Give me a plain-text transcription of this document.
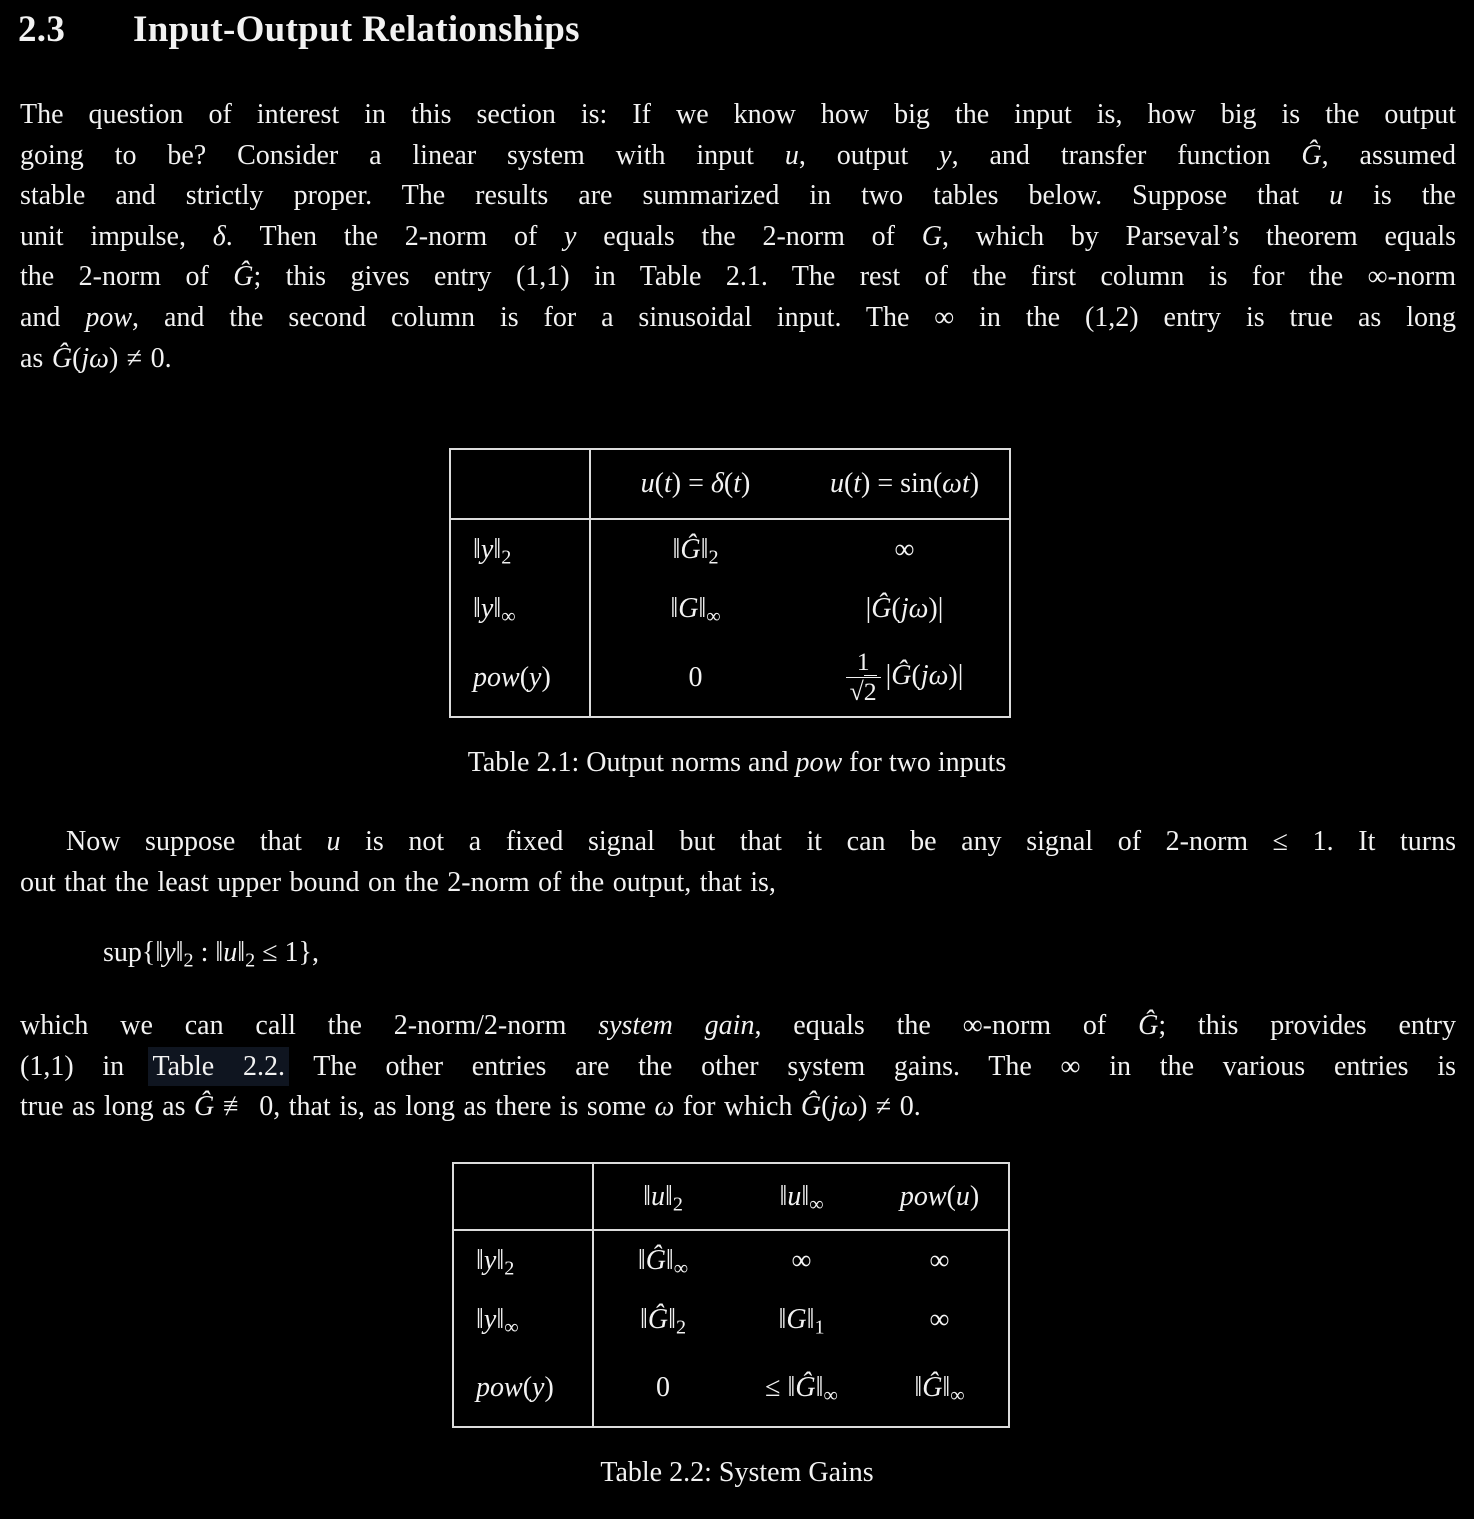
2.3	Input-Output Relationships
The question of interest in this section is: If we know how big the input is, how big is the output
going to be? Consider a linear system with input u, output y, and transfer function Ĝ, assumed
stable and strictly proper. The results are summarized in two tables below. Suppose that u is the
unit impulse, δ. Then the 2-norm of y equals the 2-norm of G, which by Parseval’s theorem equals
the 2-norm of Ĝ; this gives entry (1,1) in Table 2.1. The rest of the first column is for the ∞-norm
and pow, and the second column is for a sinusoidal input. The ∞ in the (1,2) entry is true as long
as Ĝ(jω) ≠ 0.
	u(t) = δ(t)	u(t) = sin(ωt)
$‖y‖_2$	$‖Ĝ‖_2$	∞
$‖y‖_\infty$	$‖G‖_\infty$	|Ĝ(jω)|
pow(y)	0	$\frac{1}{√2}$ |Ĝ(jω)|
Table 2.1: Output norms and pow for two inputs
Now suppose that u is not a fixed signal but that it can be any signal of 2-norm ≤ 1. It turns
out that the least upper bound on the 2-norm of the output, that is,
$sup\{‖y‖_2$ : $‖u‖_2 \le 1$},
which we can call the 2-norm/2-norm system gain, equals the ∞-norm of Ĝ; this provides entry
(1,1) in Table 2.2. The other entries are the other system gains. The ∞ in the various entries is
true as long as Ĝ ≢ 0, that is, as long as there is some ω for which Ĝ(jω) ≠ 0.
	$‖u‖_2$	$‖u‖_\infty$	pow(u)
$‖y‖_2$	$‖Ĝ‖_\infty$	∞	∞
$‖y‖_\infty$	$‖Ĝ‖_2$	$‖G‖_1$	∞
pow(y)	0	≤ $‖Ĝ‖_\infty$	$‖Ĝ‖_\infty$
Table 2.2: System Gains
